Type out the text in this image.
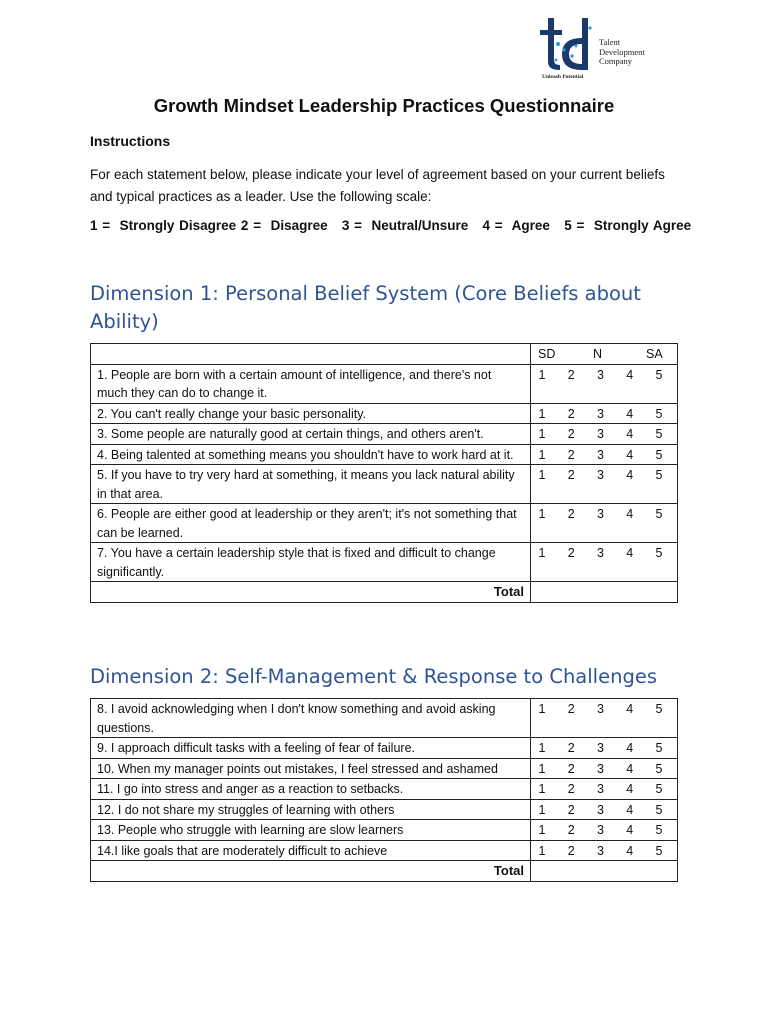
Talent
Development
Company
Unleash Potential
Growth Mindset Leadership Practices Questionnaire
Instructions
For each statement below, please indicate your level of agreement based on your current beliefs and typical practices as a leader. Use the following scale:
1 =  Strongly Disagree 2 =  Disagree   3 =  Neutral/Unsure   4 =  Agree   5 =  Strongly Agree
Dimension 1: Personal Belief System (Core Beliefs about Ability)

	SD N SA

1. People are born with a certain amount of intelligence, and there's not much they can do to change it.	1 2 3 4 5

2. You can't really change your basic personality.	1 2 3 4 5

3. Some people are naturally good at certain things, and others aren't.	1 2 3 4 5

4. Being talented at something means you shouldn't have to work hard at it.	1 2 3 4 5

5. If you have to try very hard at something, it means you lack natural ability in that area.	1 2 3 4 5

6. People are either good at leadership or they aren't; it's not something that can be learned.	1 2 3 4 5

7. You have a certain leadership style that is fixed and difficult to change significantly.	1 2 3 4 5

Total	
Dimension 2: Self-Management & Response to Challenges
8. I avoid acknowledging when I don't know something and avoid asking questions.	1 2 3 4 5

9. I approach difficult tasks with a feeling of fear of failure.	1 2 3 4 5

10. When my manager points out mistakes, I feel stressed and ashamed	1 2 3 4 5

11. I go into stress and anger as a reaction to setbacks.	1 2 3 4 5

12. I do not share my struggles of learning with others	1 2 3 4 5

13. People who struggle with learning are slow learners	1 2 3 4 5

14.I like goals that are moderately difficult to achieve	1 2 3 4 5

Total	
